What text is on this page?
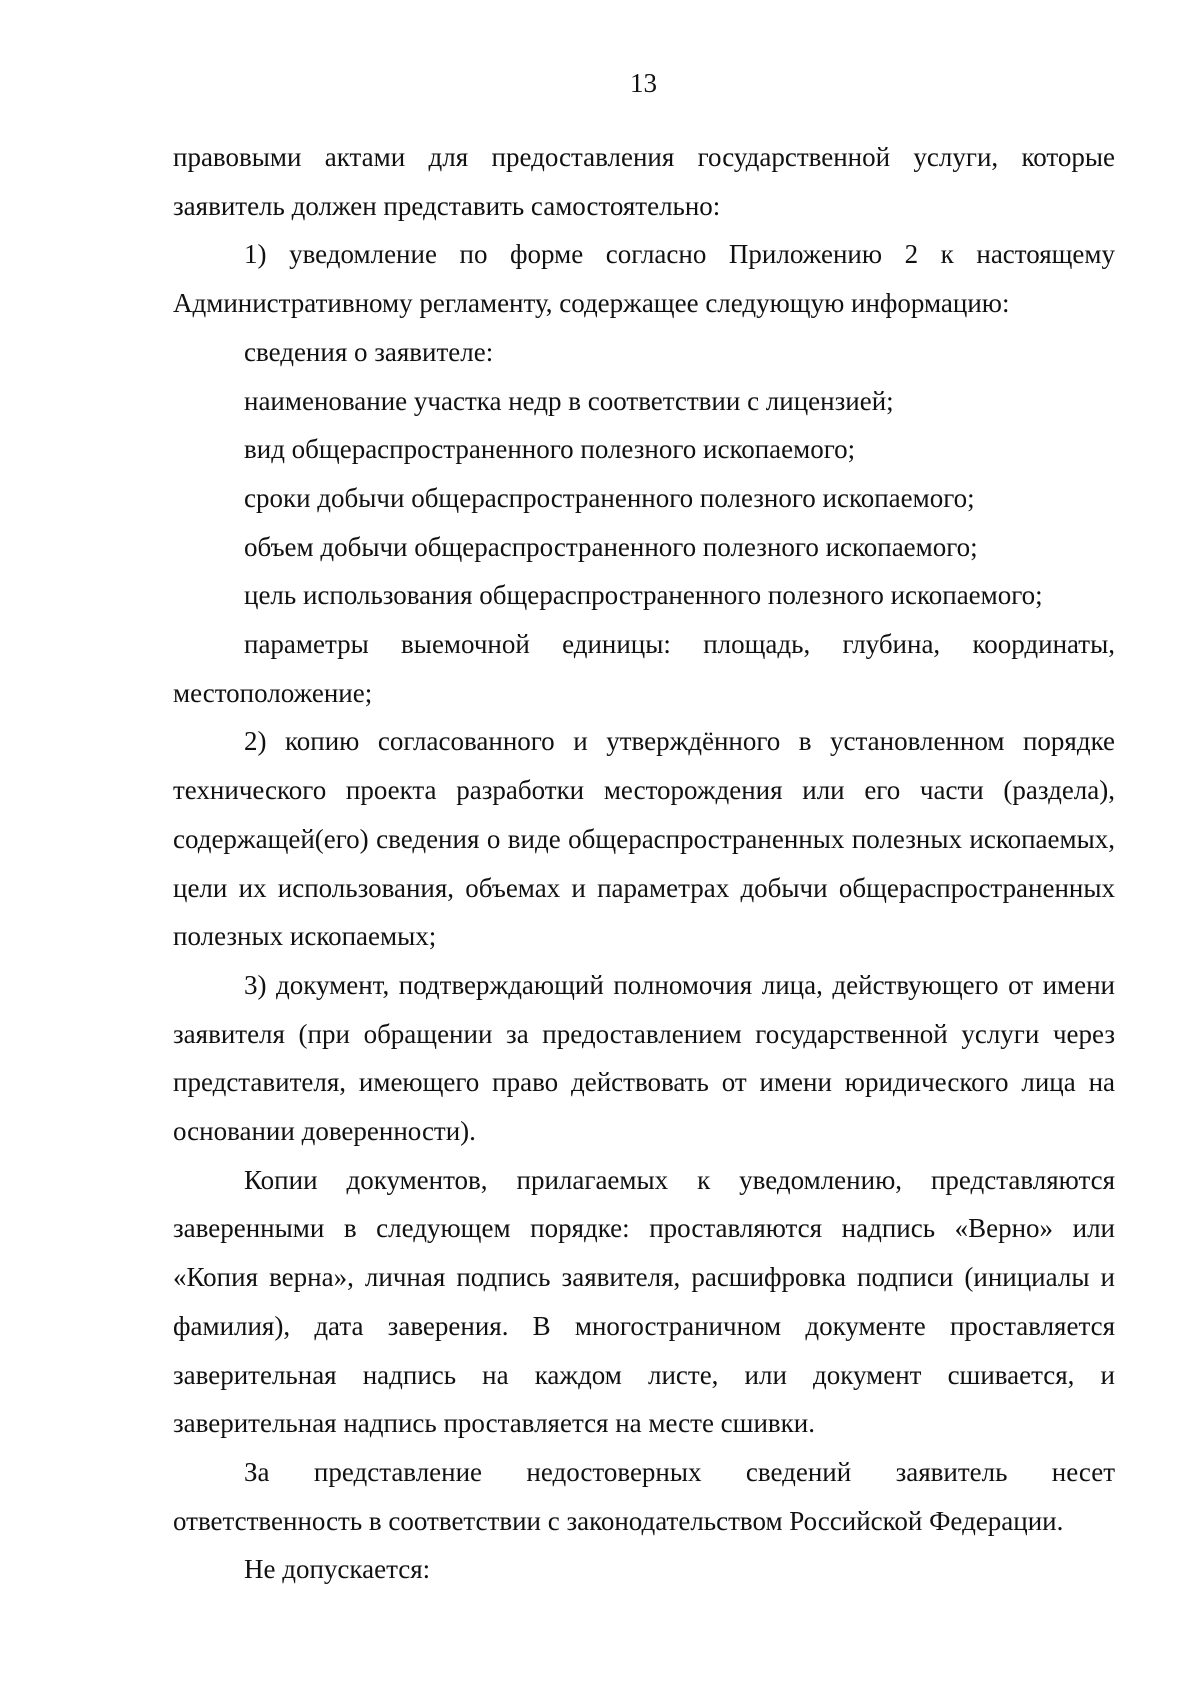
13

правовыми актами для предоставления государственной услуги, которые заявитель должен представить самостоятельно:

1) уведомление по форме согласно Приложению 2 к настоящему Административному регламенту, содержащее следующую информацию:

сведения о заявителе:

наименование участка недр в соответствии с лицензией;

вид общераспространенного полезного ископаемого;

сроки добычи общераспространенного полезного ископаемого;

объем добычи общераспространенного полезного ископаемого;

цель использования общераспространенного полезного ископаемого;

параметры выемочной единицы: площадь, глубина, координаты, местоположение;

2) копию согласованного и утверждённого в установленном порядке технического проекта разработки месторождения или его части (раздела), содержащей(его) сведения о виде общераспространенных полезных ископаемых, цели их использования, объемах и параметрах добычи общераспространенных полезных ископаемых;

3) документ, подтверждающий полномочия лица, действующего от имени заявителя (при обращении за предоставлением государственной услуги через представителя, имеющего право действовать от имени юридического лица на основании доверенности).

Копии документов, прилагаемых к уведомлению, представляются заверенными в следующем порядке: проставляются надпись «Верно» или «Копия верна», личная подпись заявителя, расшифровка подписи (инициалы и фамилия), дата заверения. В многостраничном документе проставляется заверительная надпись на каждом листе, или документ сшивается, и заверительная надпись проставляется на месте сшивки.

За представление недостоверных сведений заявитель несет ответственность в соответствии с законодательством Российской Федерации.

Не допускается:
